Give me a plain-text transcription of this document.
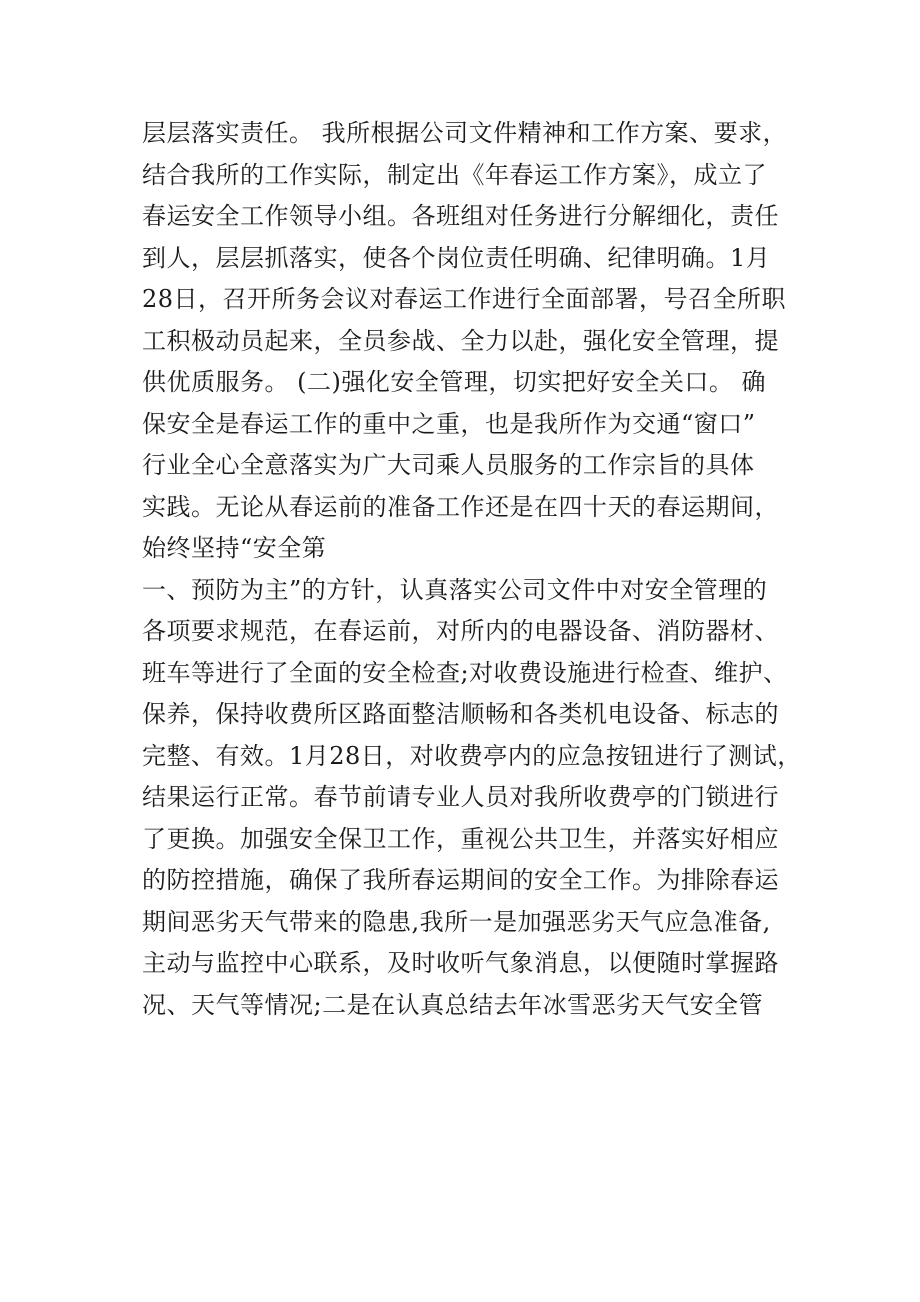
层层落实责任。 我所根据公司文件精神和工作方案、要求，
结合我所的工作实际，制定出《年春运工作方案》，成立了
春运安全工作领导小组。各班组对任务进行分解细化，责任
到人，层层抓落实，使各个岗位责任明确、纪律明确。1月
28日，召开所务会议对春运工作进行全面部署，号召全所职
工积极动员起来，全员参战、全力以赴，强化安全管理，提
供优质服务。 (二)强化安全管理，切实把好安全关口。 确
保安全是春运工作的重中之重，也是我所作为交通“窗口”
行业全心全意落实为广大司乘人员服务的工作宗旨的具体
实践。无论从春运前的准备工作还是在四十天的春运期间，
始终坚持“安全第
一、预防为主”的方针，认真落实公司文件中对安全管理的
各项要求规范，在春运前，对所内的电器设备、消防器材、
班车等进行了全面的安全检查;对收费设施进行检查、维护、
保养，保持收费所区路面整洁顺畅和各类机电设备、标志的
完整、有效。1月28日，对收费亭内的应急按钮进行了测试，
结果运行正常。春节前请专业人员对我所收费亭的门锁进行
了更换。加强安全保卫工作，重视公共卫生，并落实好相应
的防控措施，确保了我所春运期间的安全工作。为排除春运
期间恶劣天气带来的隐患,我所一是加强恶劣天气应急准备,
主动与监控中心联系，及时收听气象消息，以便随时掌握路
况、天气等情况;二是在认真总结去年冰雪恶劣天气安全管
